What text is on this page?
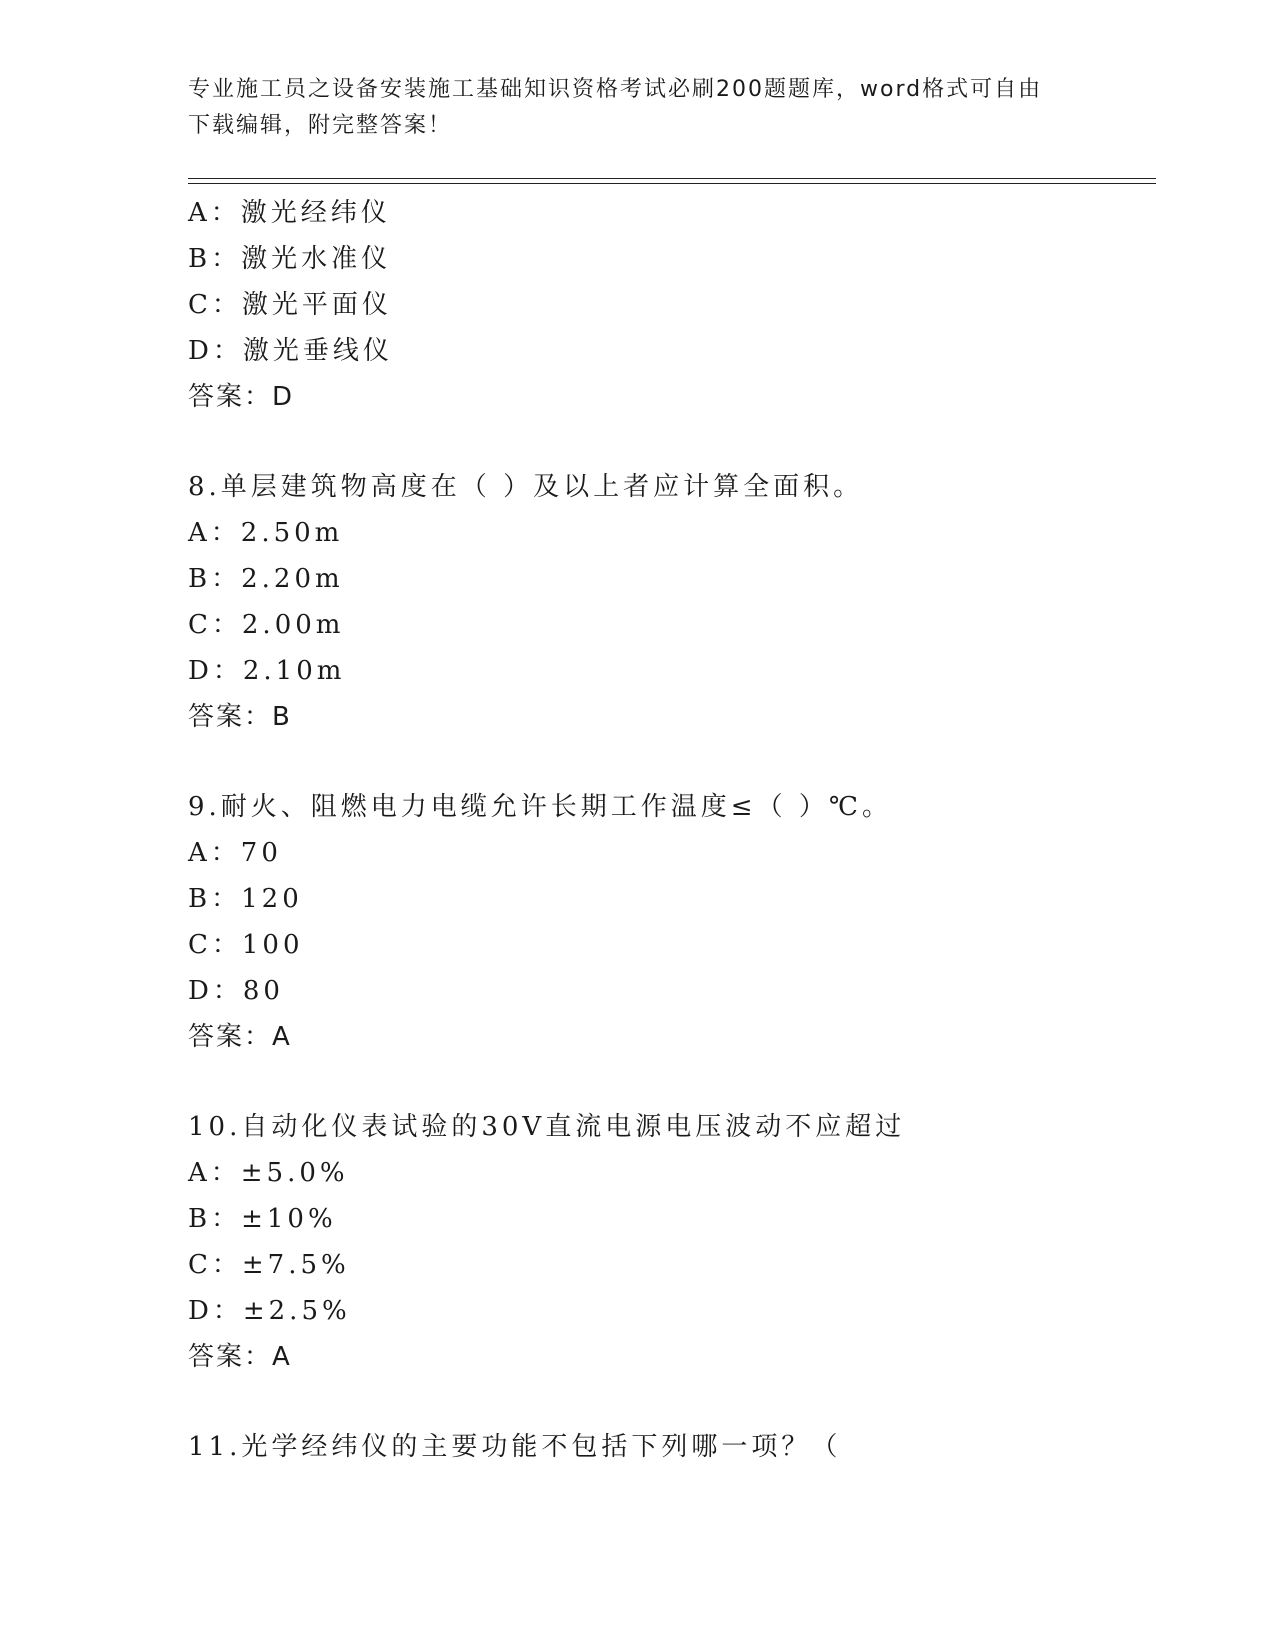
专业施工员之设备安装施工基础知识资格考试必刷200题题库，word格式可自由
下载编辑，附完整答案！
A：激光经纬仪
B：激光水准仪
C：激光平面仪
D：激光垂线仪
答案：D
8.单层建筑物高度在（ ）及以上者应计算全面积。
A：2.50m
B：2.20m
C：2.00m
D：2.10m
答案：B
9.耐火、阻燃电力电缆允许长期工作温度≤（ ）℃。
A：70
B：120
C：100
D：80
答案：A
10.自动化仪表试验的30V直流电源电压波动不应超过
A：±5.0%
B：±10%
C：±7.5%
D：±2.5%
答案：A
11.光学经纬仪的主要功能不包括下列哪一项？（
